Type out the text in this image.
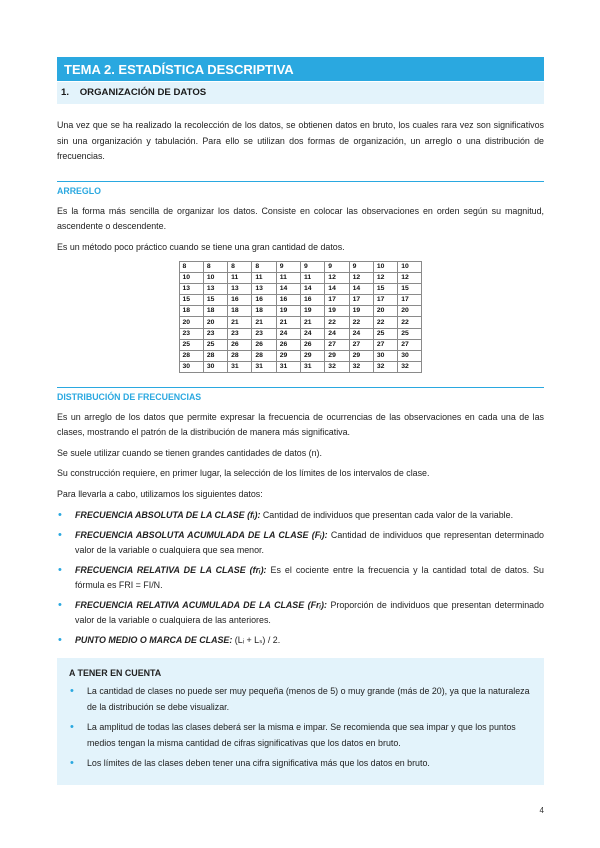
TEMA 2. ESTADÍSTICA DESCRIPTIVA
1. ORGANIZACIÓN DE DATOS

Una vez que se ha realizado la recolección de los datos, se obtienen datos en bruto, los cuales rara vez son significativos sin una organización y tabulación. Para ello se utilizan dos formas de organización, un arreglo o una distribución de frecuencias.

ARREGLO

Es la forma más sencilla de organizar los datos. Consiste en colocar las observaciones en orden según su magnitud, ascendente o descendente.

Es un método poco práctico cuando se tiene una gran cantidad de datos.

8	8	8	8	9	9	9	9	10	10
10	10	11	11	11	11	12	12	12	12
13	13	13	13	14	14	14	14	15	15
15	15	16	16	16	16	17	17	17	17
18	18	18	18	19	19	19	19	20	20
20	20	21	21	21	21	22	22	22	22
23	23	23	23	24	24	24	24	25	25
25	25	26	26	26	26	27	27	27	27
28	28	28	28	29	29	29	29	30	30
30	30	31	31	31	31	32	32	32	32
DISTRIBUCIÓN DE FRECUENCIAS

Es un arreglo de los datos que permite expresar la frecuencia de ocurrencias de las observaciones en cada una de las clases, mostrando el patrón de la distribución de manera más significativa.

Se suele utilizar cuando se tienen grandes cantidades de datos (n).

Su construcción requiere, en primer lugar, la selección de los límites de los intervalos de clase.

Para llevarla a cabo, utilizamos los siguientes datos:

• FRECUENCIA ABSOLUTA DE LA CLASE (fᵢ): Cantidad de individuos que presentan cada valor de la variable.
• FRECUENCIA ABSOLUTA ACUMULADA DE LA CLASE (Fᵢ): Cantidad de individuos que representan determinado valor de la variable o cualquiera que sea menor.
• FRECUENCIA RELATIVA DE LA CLASE (frᵢ): Es el cociente entre la frecuencia y la cantidad total de datos. Su fórmula es FRI = FI/N.
• FRECUENCIA RELATIVA ACUMULADA DE LA CLASE (Frᵢ): Proporción de individuos que presentan determinado valor de la variable o cualquiera de las anteriores.
• PUNTO MEDIO O MARCA DE CLASE: (Lᵢ + Lₛ) / 2.
A TENER EN CUENTA
• La cantidad de clases no puede ser muy pequeña (menos de 5) o muy grande (más de 20), ya que la naturaleza de la distribución se debe visualizar.
• La amplitud de todas las clases deberá ser la misma e impar. Se recomienda que sea impar y que los puntos medios tengan la misma cantidad de cifras significativas que los datos en bruto.
• Los límites de las clases deben tener una cifra significativa más que los datos en bruto.
4
